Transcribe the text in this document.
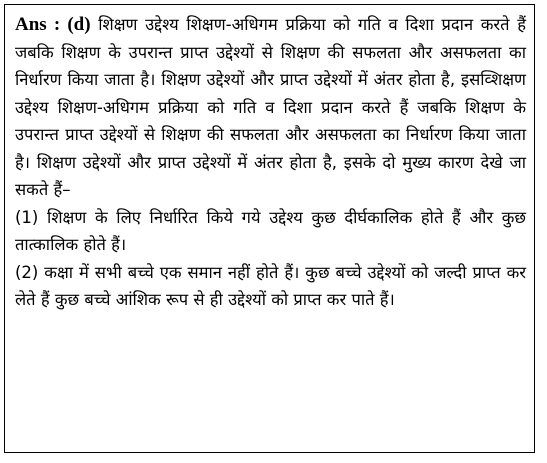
Ans : (d) शिक्षण उद्देश्य शिक्षण-अधिगम प्रक्रिया को गति व दिशा प्रदान करते हैं जबकि शिक्षण के उपरान्त प्राप्त उद्देश्यों से शिक्षण की सफलता और असफलता का निर्धारण किया जाता है। शिक्षण उद्देश्यों और प्राप्त उद्देश्यों में अंतर होता है, इसव्शिक्षण उद्देश्य शिक्षण-अधिगम प्रक्रिया को गति व दिशा प्रदान करते हैं जबकि शिक्षण के उपरान्त प्राप्त उद्देश्यों से शिक्षण की सफलता और असफलता का निर्धारण किया जाता है। शिक्षण उद्देश्यों और प्राप्त उद्देश्यों में अंतर होता है, इसके दो मुख्य कारण देखे जा सकते हैं–

(1) शिक्षण के लिए निर्धारित किये गये उद्देश्य कुछ दीर्घकालिक होते हैं और कुछ तात्कालिक होते हैं।

(2) कक्षा में सभी बच्चे एक समान नहीं होते हैं। कुछ बच्चे उद्देश्यों को जल्दी प्राप्त कर लेते हैं कुछ बच्चे आंशिक रूप से ही उद्देश्यों को प्राप्त कर पाते हैं।
